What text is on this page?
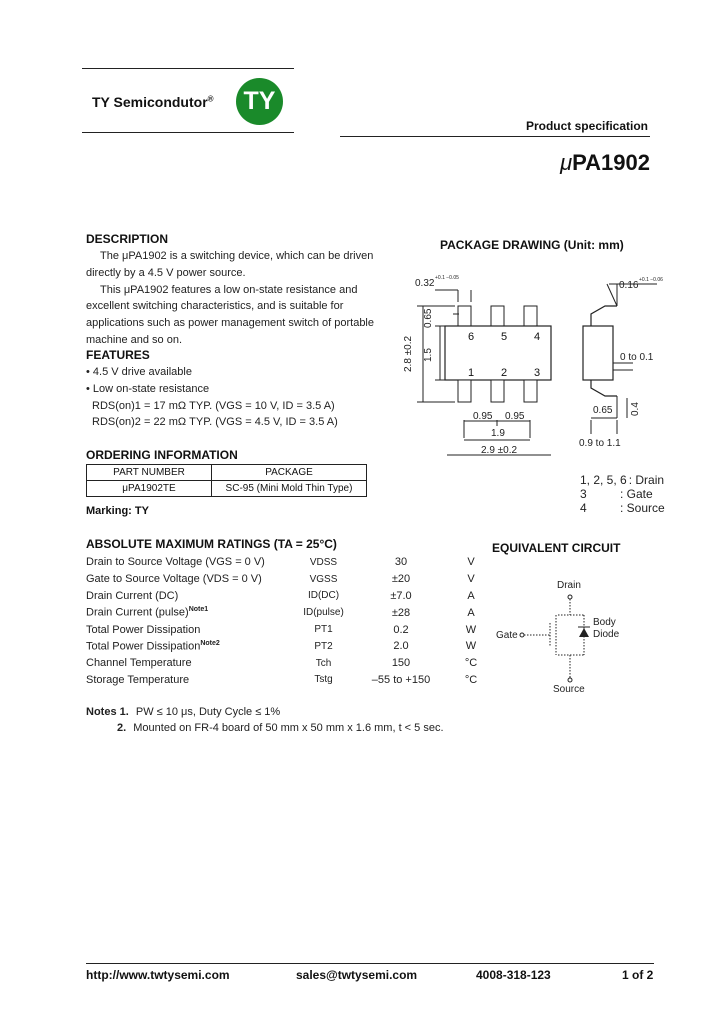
TY Semicondutor®	TY
Product specification
μPA1902
DESCRIPTION

The μPA1902 is a switching device, which can be driven directly by a 4.5 V power source.

This μPA1902 features a low on-state resistance and excellent switching characteristics, and is suitable for applications such as power management switch of portable machine and so on.

FEATURES
• 4.5 V drive available
• Low on-state resistance
RDS(on)1 = 17 mΩ TYP. (VGS = 10 V, ID = 3.5 A)
RDS(on)2 = 22 mΩ TYP. (VGS = 4.5 V, ID = 3.5 A)
ORDERING INFORMATION
PART NUMBER	PACKAGE
μPA1902TE	SC-95 (Mini Mold Thin Type)
Marking: TY
ABSOLUTE MAXIMUM RATINGS (TA = 25°C)
Drain to Source Voltage (VGS = 0 V)	VDSS	30	V
Gate to Source Voltage (VDS = 0 V)	VGSS	±20	V
Drain Current (DC)	ID(DC)	±7.0	A
Drain Current (pulse)$^{Note1}$	ID(pulse)	±28	A
Total Power Dissipation	PT1	0.2	W
Total Power Dissipation$^{Note2}$	PT2	2.0	W
Channel Temperature	Tch	150	°C
Storage Temperature	Tstg	–55 to +150	°C
Notes 1. PW ≤ 10 μs, Duty Cycle ≤ 1%
2. Mounted on FR-4 board of 50 mm x 50 mm x 1.6 mm, t < 5 sec.
PACKAGE DRAWING (Unit: mm)
6 5 4
1 2 3
0.32 +0.1 −0.05
0.65
2.8 ±0.2 1.5
0.95 0.95
1.9
2.9 ±0.2
0.16 +0.1 −0.06
0 to 0.1
0.65 0.4
0.9 to 1.1
1, 2, 5, 6 : Drain
3	: Gate
4	: Source
EQUIVALENT CIRCUIT
Drain
Gate
Source
Body
Diode
http://www.twtysemi.com	sales@twtysemi.com	4008-318-123	1 of 2
